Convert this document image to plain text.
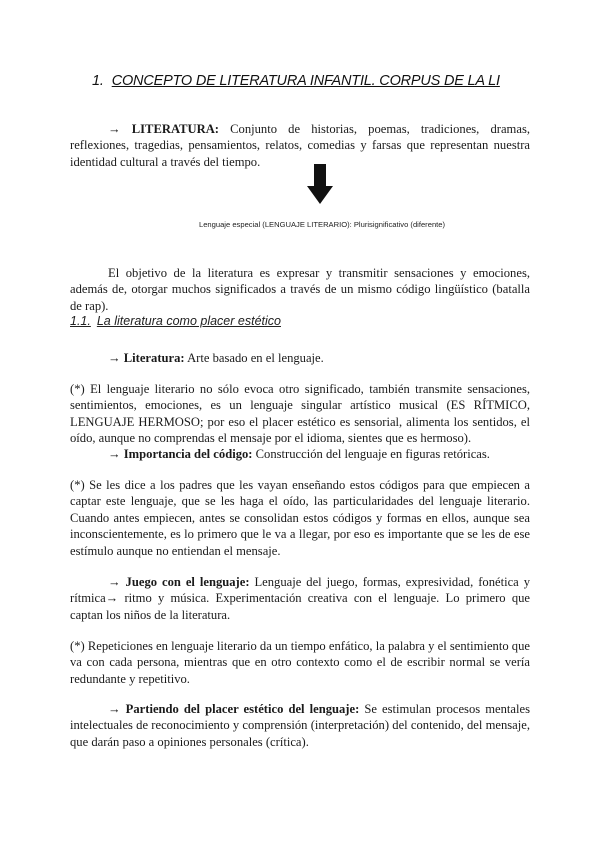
1. CONCEPTO DE LITERATURA INFANTIL. CORPUS DE LA LI

→ LITERATURA: Conjunto de historias, poemas, tradiciones, dramas, reflexiones, tragedias, pensamientos, relatos, comedias y farsas que representan nuestra identidad cultural a través del tiempo.

Lenguaje especial (LENGUAJE LITERARIO): Plurisignificativo (diferente)

El objetivo de la literatura es expresar y transmitir sensaciones y emociones, además de, otorgar muchos significados a través de un mismo código lingüístico (batalla de rap).

1.1. La literatura como placer estético

→ Literatura: Arte basado en el lenguaje.

(*) El lenguaje literario no sólo evoca otro significado, también transmite sensaciones, sentimientos, emociones, es un lenguaje singular artístico musical (ES RÍTMICO, LENGUAJE HERMOSO; por eso el placer estético es sensorial, alimenta los sentidos, el oído, aunque no comprendas el mensaje por el idioma, sientes que es hermoso).

→ Importancia del código: Construcción del lenguaje en figuras retóricas.

(*) Se les dice a los padres que les vayan enseñando estos códigos para que empiecen a captar este lenguaje, que se les haga el oído, las particularidades del lenguaje literario. Cuando antes empiecen, antes se consolidan estos códigos y formas en ellos, aunque sea inconscientemente, es lo primero que le va a llegar, por eso es importante que se les de ese estímulo aunque no entiendan el mensaje.

→ Juego con el lenguaje: Lenguaje del juego, formas, expresividad, fonética y rítmica→ ritmo y música. Experimentación creativa con el lenguaje. Lo primero que captan los niños de la literatura.

(*) Repeticiones en lenguaje literario da un tiempo enfático, la palabra y el sentimiento que va con cada persona, mientras que en otro contexto como el de escribir normal se vería redundante y repetitivo.

→ Partiendo del placer estético del lenguaje: Se estimulan procesos mentales intelectuales de reconocimiento y comprensión (interpretación) del contenido, del mensaje, que darán paso a opiniones personales (crítica).
